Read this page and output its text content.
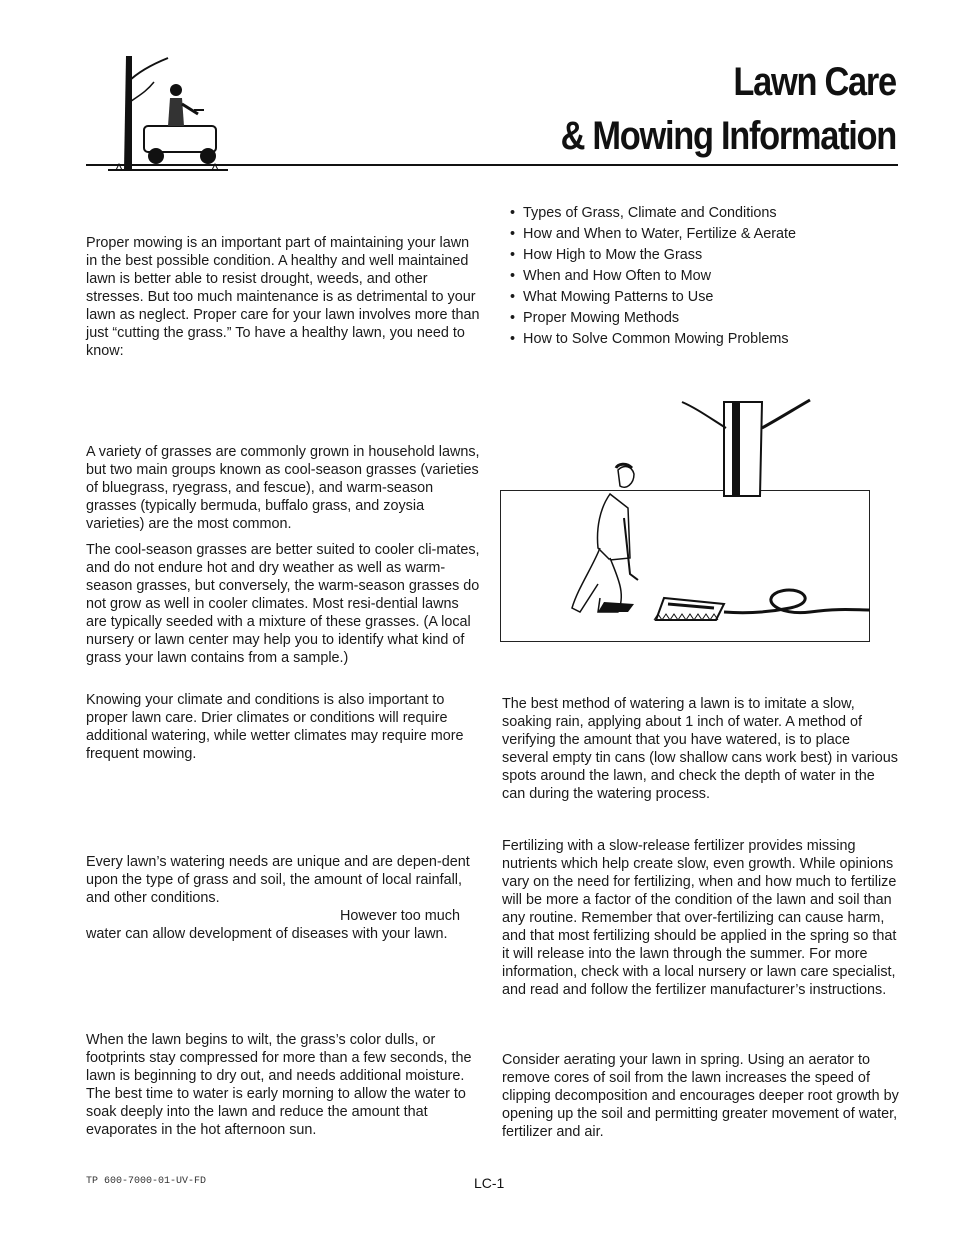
Lawn Care
& Mowing Information

Proper mowing is an important part of maintaining your lawn in the best possible condition. A healthy and well maintained lawn is better able to resist drought, weeds, and other stresses. But too much maintenance is as detrimental to your lawn as neglect. Proper care for your lawn involves more than just “cutting the grass.” To have a healthy lawn, you need to know:

• Types of Grass, Climate and Conditions
• How and When to Water, Fertilize & Aerate
• How High to Mow the Grass
• When and How Often to Mow
• What Mowing Patterns to Use
• Proper Mowing Methods
• How to Solve Common Mowing Problems

A variety of grasses are commonly grown in household lawns, but two main groups known as cool-season grasses (varieties of bluegrass, ryegrass, and fescue), and warm-season grasses (typically bermuda, buffalo grass, and zoysia varieties) are the most common.

The cool-season grasses are better suited to cooler cli-mates, and do not endure hot and dry weather as well as warm-season grasses, but conversely, the warm-season grasses do not grow as well in cooler climates. Most resi-dential lawns are typically seeded with a mixture of these grasses. (A local nursery or lawn center may help you to identify what kind of grass your lawn contains from a sample.)

Knowing your climate and conditions is also important to proper lawn care. Drier climates or conditions will require additional watering, while wetter climates may require more frequent mowing.

Every lawn’s watering needs are unique and are depen-dent upon the type of grass and soil, the amount of local rainfall, and other conditions.
However too much
water can allow development of diseases with your lawn.

When the lawn begins to wilt, the grass’s color dulls, or footprints stay compressed for more than a few seconds, the lawn is beginning to dry out, and needs additional moisture. The best time to water is early morning to allow the water to soak deeply into the lawn and reduce the amount that evaporates in the hot afternoon sun.

The best method of watering a lawn is to imitate a slow, soaking rain, applying about 1 inch of water. A method of verifying the amount that you have watered, is to place several empty tin cans (low shallow cans work best) in various spots around the lawn, and check the depth of water in the can during the watering process.

Fertilizing with a slow-release fertilizer provides missing nutrients which help create slow, even growth. While opinions vary on the need for fertilizing, when and how much to fertilize will be more a factor of the condition of the lawn and soil than any routine. Remember that over-fertilizing can cause harm, and that most fertilizing should be applied in the spring so that it will release into the lawn through the summer. For more information, check with a local nursery or lawn care specialist, and read and follow the fertilizer manufacturer’s instructions.

Consider aerating your lawn in spring. Using an aerator to remove cores of soil from the lawn increases the speed of clipping decomposition and encourages deeper root growth by opening up the soil and permitting greater movement of water, fertilizer and air.

TP 600-7000-01-UV-FD	LC-1
